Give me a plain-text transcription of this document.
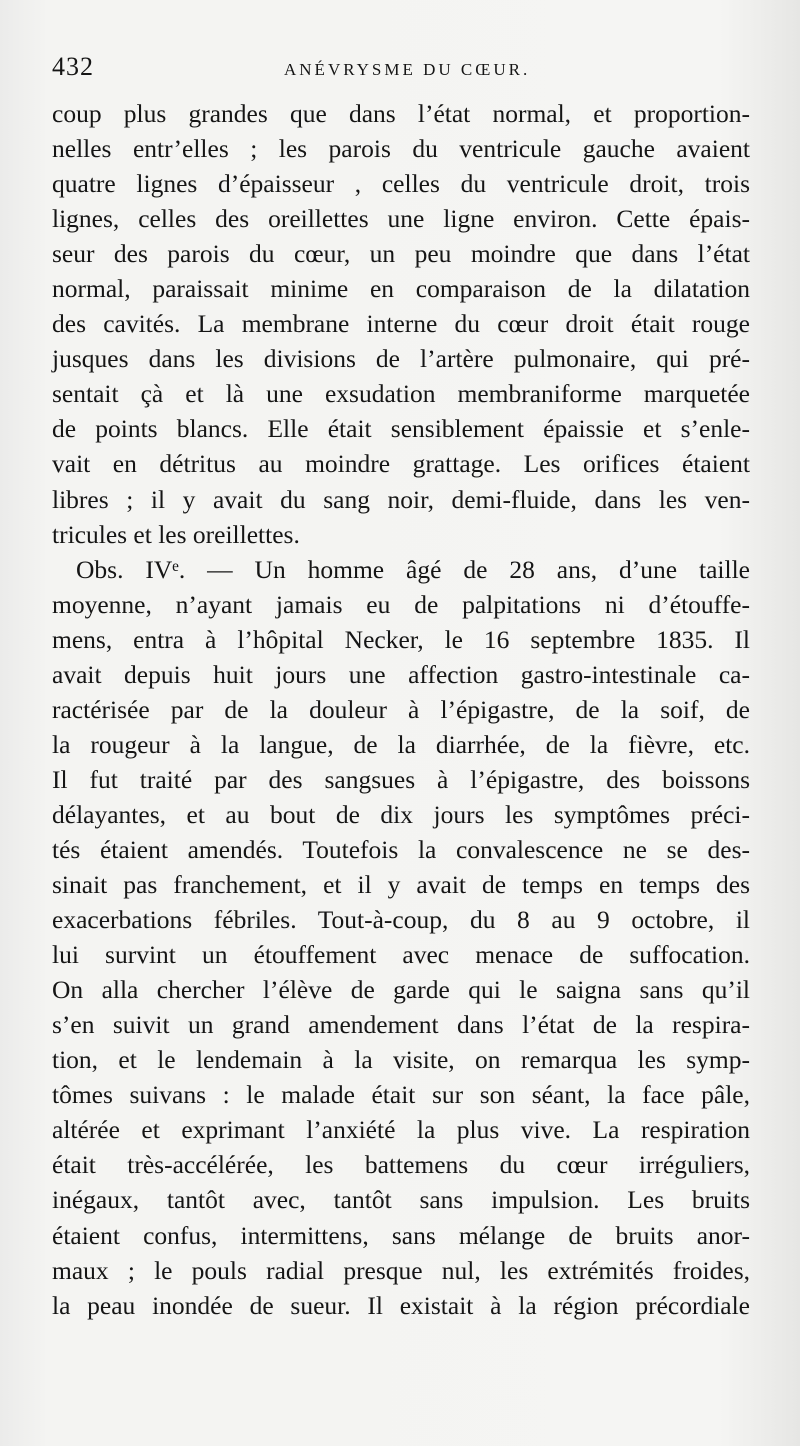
432	ANÉVRYSME DU CŒUR.
coup plus grandes que dans l’état normal, et proportion-
nelles entr’elles ; les parois du ventricule gauche avaient
quatre lignes d’épaisseur , celles du ventricule droit, trois
lignes, celles des oreillettes une ligne environ. Cette épais-
seur des parois du cœur, un peu moindre que dans l’état
normal, paraissait minime en comparaison de la dilatation
des cavités. La membrane interne du cœur droit était rouge
jusques dans les divisions de l’artère pulmonaire, qui pré-
sentait çà et là une exsudation membraniforme marquetée
de points blancs. Elle était sensiblement épaissie et s’enle-
vait en détritus au moindre grattage. Les orifices étaient
libres ; il y avait du sang noir, demi-fluide, dans les ven-
tricules et les oreillettes.
Obs. IVᵉ. — Un homme âgé de 28 ans, d’une taille
moyenne, n’ayant jamais eu de palpitations ni d’étouffe-
mens, entra à l’hôpital Necker, le 16 septembre 1835. Il
avait depuis huit jours une affection gastro-intestinale ca-
ractérisée par de la douleur à l’épigastre, de la soif, de
la rougeur à la langue, de la diarrhée, de la fièvre, etc.
Il fut traité par des sangsues à l’épigastre, des boissons
délayantes, et au bout de dix jours les symptômes préci-
tés étaient amendés. Toutefois la convalescence ne se des-
sinait pas franchement, et il y avait de temps en temps des
exacerbations fébriles. Tout-à-coup, du 8 au 9 octobre, il
lui survint un étouffement avec menace de suffocation.
On alla chercher l’élève de garde qui le saigna sans qu’il
s’en suivit un grand amendement dans l’état de la respira-
tion, et le lendemain à la visite, on remarqua les symp-
tômes suivans : le malade était sur son séant, la face pâle,
altérée et exprimant l’anxiété la plus vive. La respiration
était très-accélérée, les battemens du cœur irréguliers,
inégaux, tantôt avec, tantôt sans impulsion. Les bruits
étaient confus, intermittens, sans mélange de bruits anor-
maux ; le pouls radial presque nul, les extrémités froides,
la peau inondée de sueur. Il existait à la région précordiale
